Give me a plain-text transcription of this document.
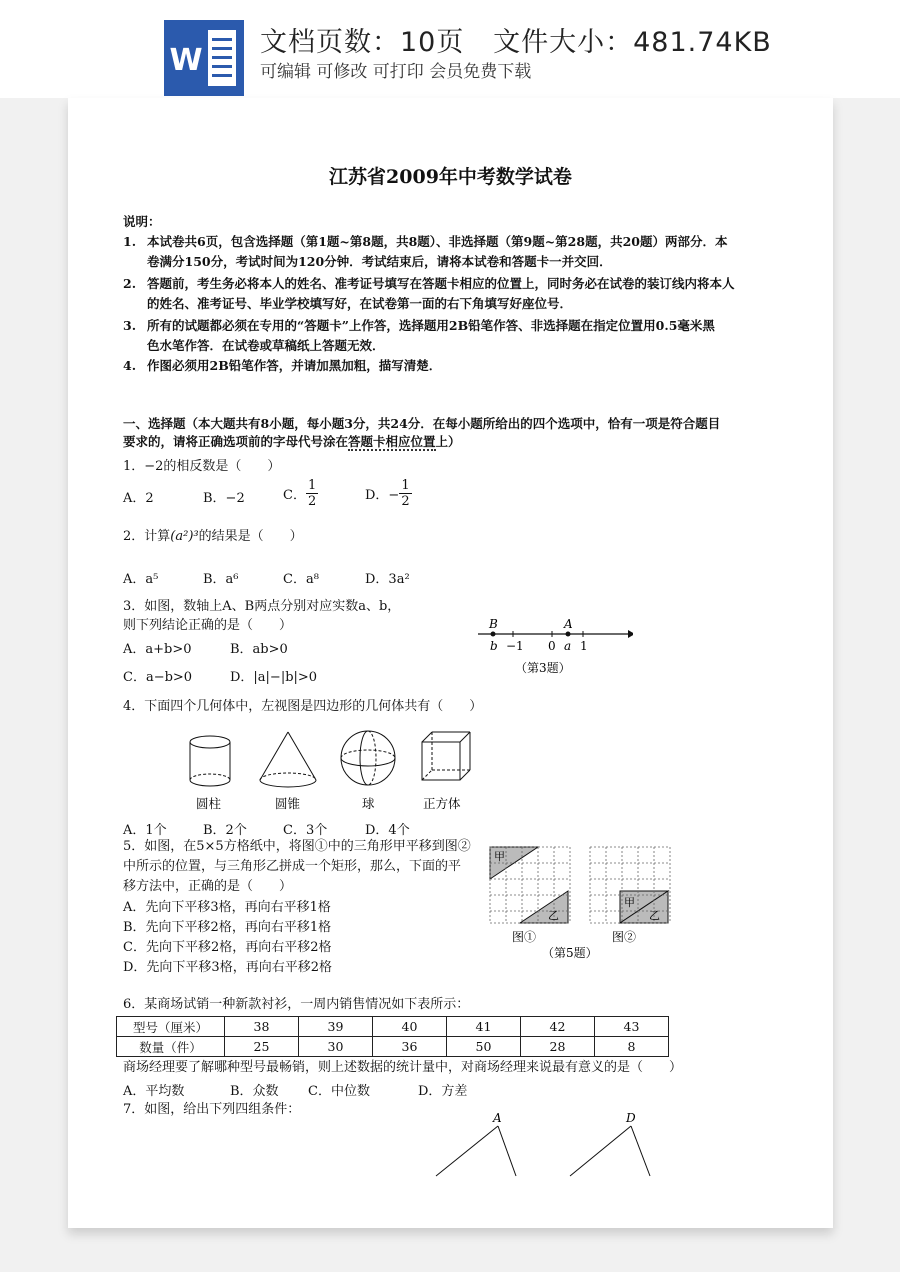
W
文档页数：10页   文件大小：481.74KB
可编辑 可修改 可打印 会员免费下载
江苏省2009年中考数学试卷
说明：
1. 本试卷共6页，包含选择题（第1题~第8题，共8题）、非选择题（第9题~第28题，共20题）两部分．本
卷满分150分，考试时间为120分钟．考试结束后，请将本试卷和答题卡一并交回．
2. 答题前，考生务必将本人的姓名、准考证号填写在答题卡相应的位置上，同时务必在试卷的装订线内将本人
的姓名、准考证号、毕业学校填写好，在试卷第一面的右下角填写好座位号．
3. 所有的试题都必须在专用的“答题卡”上作答，选择题用2B铅笔作答、非选择题在指定位置用0.5毫米黑
色水笔作答．在试卷或草稿纸上答题无效．
4. 作图必须用2B铅笔作答，并请加黑加粗，描写清楚．
一、选择题（本大题共有8小题，每小题3分，共24分．在每小题所给出的四个选项中，恰有一项是符合题目
要求的，请将正确选项前的字母代号涂在答题卡相应位置上）
1．−2的相反数是（　　）
A．2	B．−2	C． $\frac{1}{2}$	D．− $\frac{1}{2}$
2．计算(a²)³的结果是（　　）
A．a⁵	B．a⁶	C．a⁸	D．3a²
3．如图，数轴上A、B两点分别对应实数a、b，
则下列结论正确的是（　　）
A．a+b>0	B．ab>0
C．a−b>0	D．|a|−|b|>0
B	A
b −1 0 a 1
（第3题）
4．下面四个几何体中，左视图是四边形的几何体共有（　　）
圆柱	圆锥	球	正方体
A．1个	B．2个	C．3个	D．4个
5．如图，在5×5方格纸中，将图①中的三角形甲平移到图②
中所示的位置，与三角形乙拼成一个矩形，那么，下面的平
移方法中，正确的是（　　）
A．先向下平移3格，再向右平移1格
B．先向下平移2格，再向右平移1格
C．先向下平移2格，再向右平移2格
D．先向下平移3格，再向右平移2格
甲
乙
甲
乙
图①	图②
（第5题）
6．某商场试销一种新款衬衫，一周内销售情况如下表所示：
型号（厘米）	38	39	40	41	42	43
数量（件）	25	30	36	50	28	8
商场经理要了解哪种型号最畅销，则上述数据的统计量中，对商场经理来说最有意义的是（　　）
A．平均数	B．众数 C．中位数	D．方差
7．如图，给出下列四组条件：
A	D
